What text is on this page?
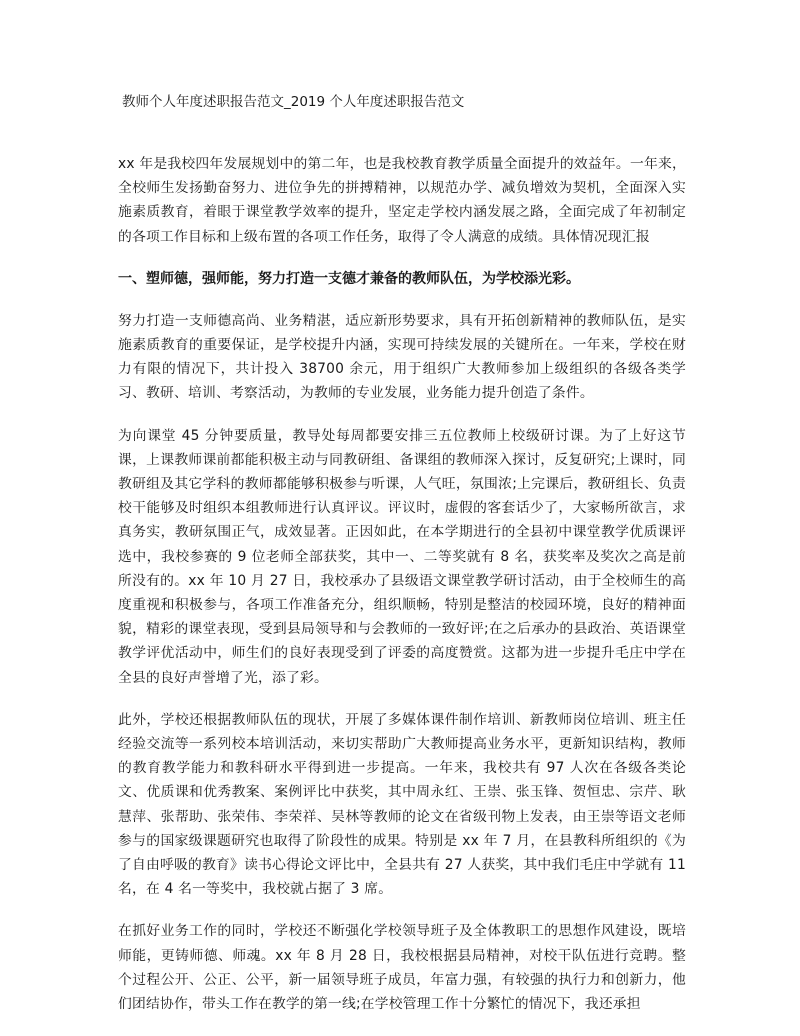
教师个人年度述职报告范文_2019 个人年度述职报告范文

xx 年是我校四年发展规划中的第二年，也是我校教育教学质量全面提升的效益年。一年来，全校师生发扬勤奋努力、进位争先的拼搏精神，以规范办学、减负增效为契机，全面深入实施素质教育，着眼于课堂教学效率的提升，坚定走学校内涵发展之路，全面完成了年初制定的各项工作目标和上级布置的各项工作任务，取得了令人满意的成绩。具体情况现汇报

一、塑师德，强师能，努力打造一支德才兼备的教师队伍，为学校添光彩。

努力打造一支师德高尚、业务精湛，适应新形势要求，具有开拓创新精神的教师队伍，是实施素质教育的重要保证，是学校提升内涵，实现可持续发展的关键所在。一年来，学校在财力有限的情况下，共计投入 38700 余元，用于组织广大教师参加上级组织的各级各类学习、教研、培训、考察活动，为教师的专业发展，业务能力提升创造了条件。

为向课堂 45 分钟要质量，教导处每周都要安排三五位教师上校级研讨课。为了上好这节课，上课教师课前都能积极主动与同教研组、备课组的教师深入探讨，反复研究;上课时，同教研组及其它学科的教师都能够积极参与听课，人气旺，氛围浓;上完课后，教研组长、负责校干能够及时组织本组教师进行认真评议。评议时，虚假的客套话少了，大家畅所欲言，求真务实，教研氛围正气，成效显著。正因如此，在本学期进行的全县初中课堂教学优质课评选中，我校参赛的 9 位老师全部获奖，其中一、二等奖就有 8 名，获奖率及奖次之高是前所没有的。xx 年 10 月 27 日，我校承办了县级语文课堂教学研讨活动，由于全校师生的高度重视和积极参与，各项工作准备充分，组织顺畅，特别是整洁的校园环境，良好的精神面貌，精彩的课堂表现，受到县局领导和与会教师的一致好评;在之后承办的县政治、英语课堂教学评优活动中，师生们的良好表现受到了评委的高度赞赏。这都为进一步提升毛庄中学在全县的良好声誉增了光，添了彩。

此外，学校还根据教师队伍的现状，开展了多媒体课件制作培训、新教师岗位培训、班主任经验交流等一系列校本培训活动，来切实帮助广大教师提高业务水平，更新知识结构，教师的教育教学能力和教科研水平得到进一步提高。一年来，我校共有 97 人次在各级各类论文、优质课和优秀教案、案例评比中获奖，其中周永红、王崇、张玉锋、贺恒忠、宗芹、耿慧萍、张帮助、张荣伟、李荣祥、吴林等教师的论文在省级刊物上发表，由王崇等语文老师参与的国家级课题研究也取得了阶段性的成果。特别是 xx 年 7 月，在县教科所组织的《为了自由呼吸的教育》读书心得论文评比中，全县共有 27 人获奖，其中我们毛庄中学就有 11 名，在 4 名一等奖中，我校就占据了 3 席。

在抓好业务工作的同时，学校还不断强化学校领导班子及全体教职工的思想作风建设，既培师能，更铸师德、师魂。xx 年 8 月 28 日，我校根据县局精神，对校干队伍进行竞聘。整个过程公开、公正、公平，新一届领导班子成员，年富力强，有较强的执行力和创新力，他们团结协作，带头工作在教学的第一线;在学校管理工作十分繁忙的情况下，我还承担
